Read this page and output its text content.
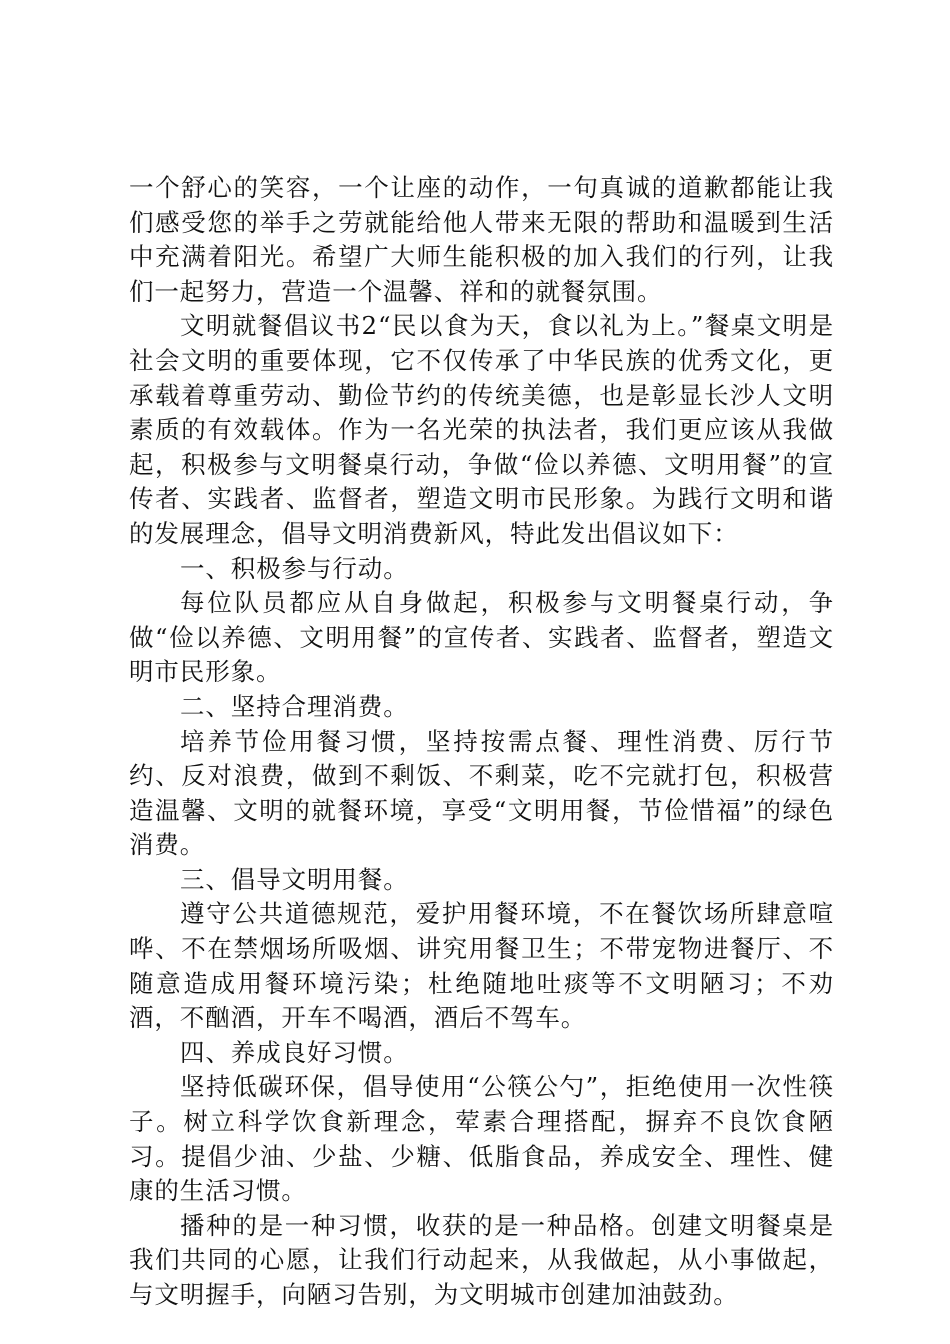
一个舒心的笑容，一个让座的动作，一句真诚的道歉都能让我们感受您的举手之劳就能给他人带来无限的帮助和温暖到生活中充满着阳光。希望广大师生能积极的加入我们的行列，让我们一起努力，营造一个温馨、祥和的就餐氛围。

文明就餐倡议书2“民以食为天，食以礼为上。”餐桌文明是社会文明的重要体现，它不仅传承了中华民族的优秀文化，更承载着尊重劳动、勤俭节约的传统美德，也是彰显长沙人文明素质的有效载体。作为一名光荣的执法者，我们更应该从我做起，积极参与文明餐桌行动，争做“俭以养德、文明用餐”的宣传者、实践者、监督者，塑造文明市民形象。为践行文明和谐的发展理念，倡导文明消费新风，特此发出倡议如下：

一、积极参与行动。

每位队员都应从自身做起，积极参与文明餐桌行动，争做“俭以养德、文明用餐”的宣传者、实践者、监督者，塑造文明市民形象。

二、坚持合理消费。

培养节俭用餐习惯，坚持按需点餐、理性消费、厉行节约、反对浪费，做到不剩饭、不剩菜，吃不完就打包，积极营造温馨、文明的就餐环境，享受“文明用餐，节俭惜福”的绿色消费。

三、倡导文明用餐。

遵守公共道德规范，爱护用餐环境，不在餐饮场所肆意喧哗、不在禁烟场所吸烟、讲究用餐卫生；不带宠物进餐厅、不随意造成用餐环境污染；杜绝随地吐痰等不文明陋习；不劝酒，不酗酒，开车不喝酒，酒后不驾车。

四、养成良好习惯。

坚持低碳环保，倡导使用“公筷公勺”，拒绝使用一次性筷子。树立科学饮食新理念，荤素合理搭配，摒弃不良饮食陋习。提倡少油、少盐、少糖、低脂食品，养成安全、理性、健康的生活习惯。

播种的是一种习惯，收获的是一种品格。创建文明餐桌是我们共同的心愿，让我们行动起来，从我做起，从小事做起，与文明握手，向陋习告别，为文明城市创建加油鼓劲。
